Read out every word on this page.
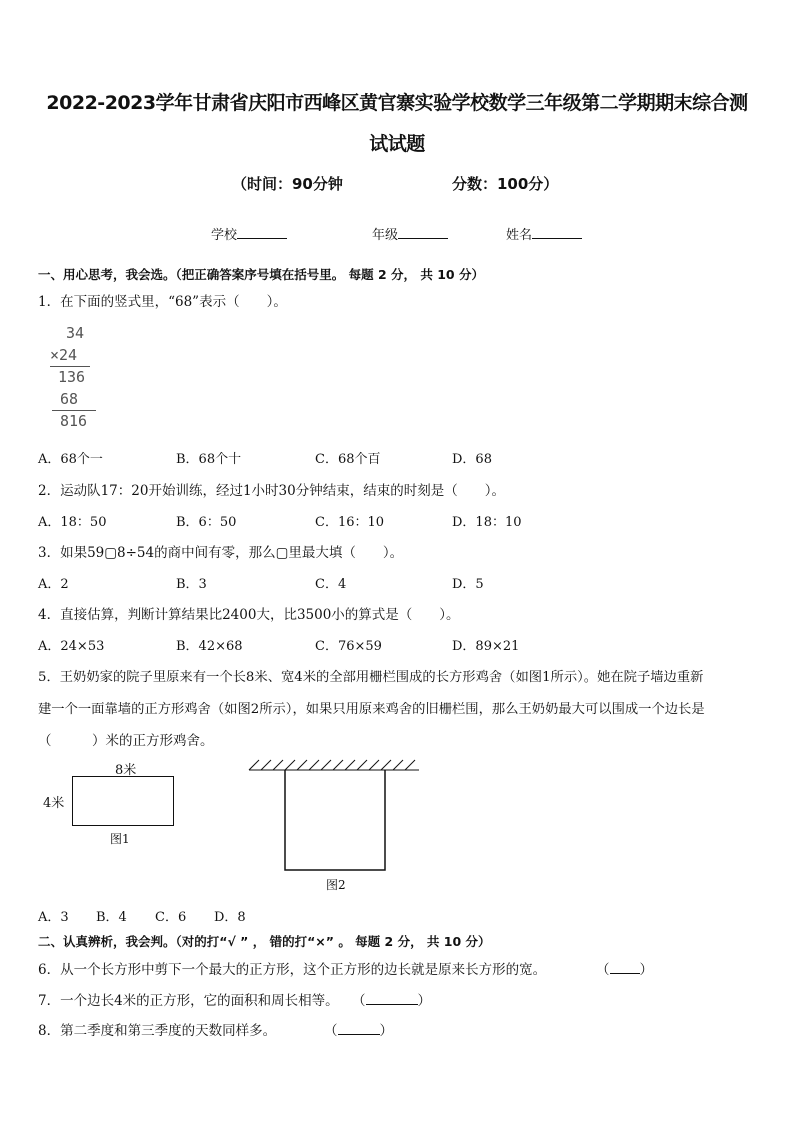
2022-2023学年甘肃省庆阳市西峰区黄官寨实验学校数学三年级第二学期期末综合测
试试题
（时间：90分钟	分数：100分）
学校	年级	姓名
一、用心思考，我会选。（把正确答案序号填在括号里。 每题 2 分， 共 10 分）
1．在下面的竖式里，“68”表示（　　）。
34
×24
136
68
816
A．68个一	B．68个十	C．68个百	D．68
2．运动队17：20开始训练，经过1小时30分钟结束，结束的时刻是（　　）。
A．18：50	B．6：50	C．16：10	D．18：10
3．如果59▢8÷54的商中间有零，那么▢里最大填（　　）。
A．2	B．3	C．4	D．5
4．直接估算，判断计算结果比2400大，比3500小的算式是（　　）。
A．24×53	B．42×68	C．76×59	D．89×21
5．王奶奶家的院子里原来有一个长8米、宽4米的全部用栅栏围成的长方形鸡舍（如图1所示）。她在院子墙边重新
建一个一面靠墙的正方形鸡舍（如图2所示），如果只用原来鸡舍的旧栅栏围，那么王奶奶最大可以围成一个边长是
（　　　）米的正方形鸡舍。
8米
4米
图1
图2
A．3 B．4 C．6 D．8
二、认真辨析，我会判。（对的打“√ ” ， 错的打“×” 。 每题 2 分， 共 10 分）
6．从一个长方形中剪下一个最大的正方形，这个正方形的边长就是原来长方形的宽。	（ ）
7．一个边长4米的正方形，它的面积和周长相等。 （	）
8．第二季度和第三季度的天数同样多。	（	）
